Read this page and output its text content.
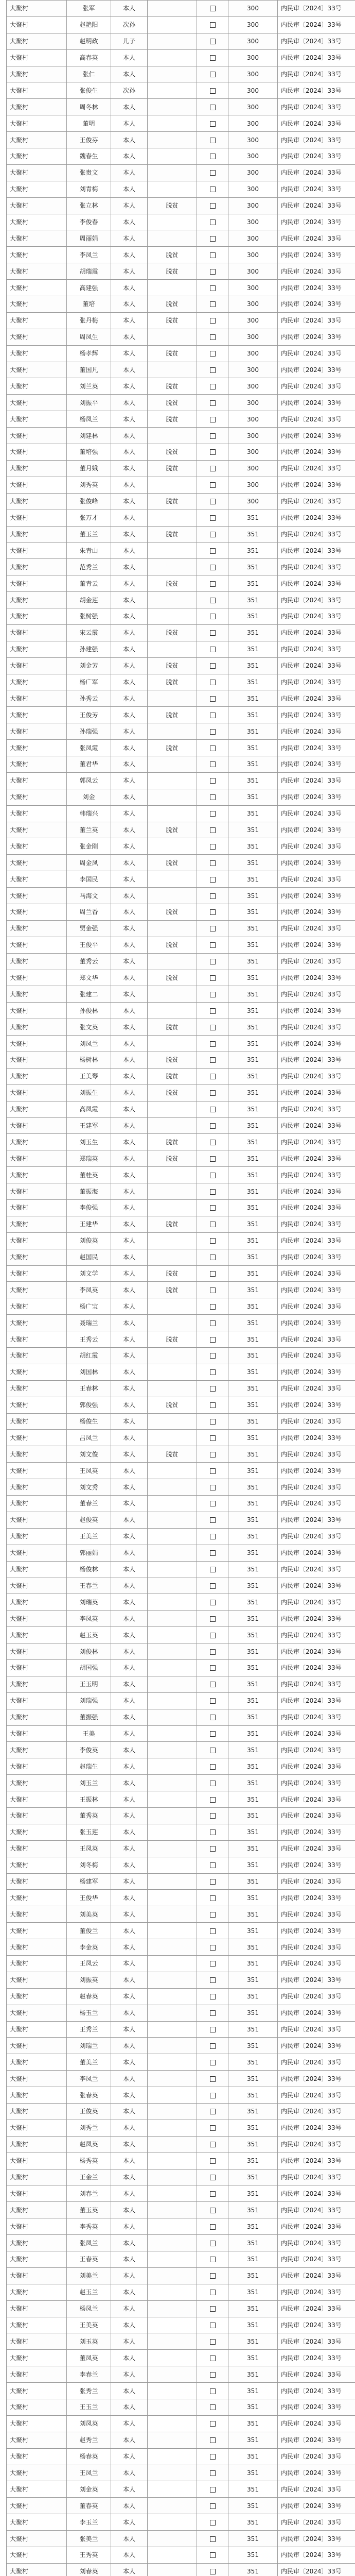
大聚村	张军	本人			300	内民审〔2024〕33号
大聚村	赵艳阳	次孙			300	内民审〔2024〕33号
大聚村	赵明政	儿子			300	内民审〔2024〕33号
大聚村	高春英	本人			300	内民审〔2024〕33号
大聚村	张仁	本人			300	内民审〔2024〕33号
大聚村	张俊生	次孙			300	内民审〔2024〕33号
大聚村	周冬林	本人			300	内民审〔2024〕33号
大聚村	董明	本人			300	内民审〔2024〕33号
大聚村	王俊芬	本人			300	内民审〔2024〕33号
大聚村	魏春生	本人			300	内民审〔2024〕33号
大聚村	张贵文	本人			300	内民审〔2024〕33号
大聚村	刘青梅	本人			300	内民审〔2024〕33号
大聚村	张立林	本人	脱贫		300	内民审〔2024〕33号
大聚村	李俊春	本人			300	内民审〔2024〕33号
大聚村	周丽娟	本人			300	内民审〔2024〕33号
大聚村	李凤兰	本人	脱贫		300	内民审〔2024〕33号
大聚村	胡瑞震	本人	脱贫		300	内民审〔2024〕33号
大聚村	高建强	本人			300	内民审〔2024〕33号
大聚村	董培	本人	脱贫		300	内民审〔2024〕33号
大聚村	张丹梅	本人	脱贫		300	内民审〔2024〕33号
大聚村	周凤生	本人			300	内民审〔2024〕33号
大聚村	杨孝辉	本人	脱贫		300	内民审〔2024〕33号
大聚村	董国凡	本人			300	内民审〔2024〕33号
大聚村	刘兰英	本人	脱贫		300	内民审〔2024〕33号
大聚村	刘振平	本人	脱贫		300	内民审〔2024〕33号
大聚村	杨凤兰	本人	脱贫		300	内民审〔2024〕33号
大聚村	刘建林	本人			300	内民审〔2024〕33号
大聚村	董培强	本人	脱贫		300	内民审〔2024〕33号
大聚村	董月娥	本人	脱贫		300	内民审〔2024〕33号
大聚村	刘秀英	本人			300	内民审〔2024〕33号
大聚村	张俊峰	本人	脱贫		300	内民审〔2024〕33号
大聚村	张万才	本人			351	内民审〔2024〕33号
大聚村	董玉兰	本人	脱贫		351	内民审〔2024〕33号
大聚村	朱青山	本人			351	内民审〔2024〕33号
大聚村	范秀兰	本人			351	内民审〔2024〕33号
大聚村	董青云	本人	脱贫		351	内民审〔2024〕33号
大聚村	胡金莲	本人			351	内民审〔2024〕33号
大聚村	张树强	本人			351	内民审〔2024〕33号
大聚村	宋云霞	本人	脱贫		351	内民审〔2024〕33号
大聚村	孙建强	本人			351	内民审〔2024〕33号
大聚村	刘金芳	本人	脱贫		351	内民审〔2024〕33号
大聚村	杨广军	本人	脱贫		351	内民审〔2024〕33号
大聚村	孙秀云	本人			351	内民审〔2024〕33号
大聚村	王俊芳	本人	脱贫		351	内民审〔2024〕33号
大聚村	孙瑞强	本人			351	内民审〔2024〕33号
大聚村	张凤霞	本人	脱贫		351	内民审〔2024〕33号
大聚村	董君华	本人			351	内民审〔2024〕33号
大聚村	郭凤云	本人			351	内民审〔2024〕33号
大聚村	刘金	本人			351	内民审〔2024〕33号
大聚村	韩瑞兴	本人			351	内民审〔2024〕33号
大聚村	董兰英	本人	脱贫		351	内民审〔2024〕33号
大聚村	张金刚	本人			351	内民审〔2024〕33号
大聚村	周金凤	本人	脱贫		351	内民审〔2024〕33号
大聚村	李国民	本人			351	内民审〔2024〕33号
大聚村	马海文	本人			351	内民审〔2024〕33号
大聚村	周兰香	本人	脱贫		351	内民审〔2024〕33号
大聚村	贾金强	本人			351	内民审〔2024〕33号
大聚村	王俊平	本人	脱贫		351	内民审〔2024〕33号
大聚村	董秀云	本人			351	内民审〔2024〕33号
大聚村	郑文华	本人	脱贫		351	内民审〔2024〕33号
大聚村	张建二	本人			351	内民审〔2024〕33号
大聚村	孙俊林	本人			351	内民审〔2024〕33号
大聚村	张文英	本人	脱贫		351	内民审〔2024〕33号
大聚村	刘凤兰	本人			351	内民审〔2024〕33号
大聚村	杨树林	本人	脱贫		351	内民审〔2024〕33号
大聚村	王美琴	本人	脱贫		351	内民审〔2024〕33号
大聚村	刘振生	本人	脱贫		351	内民审〔2024〕33号
大聚村	高凤霞	本人			351	内民审〔2024〕33号
大聚村	王建军	本人			351	内民审〔2024〕33号
大聚村	刘玉生	本人	脱贫		351	内民审〔2024〕33号
大聚村	郑瑞英	本人	脱贫		351	内民审〔2024〕33号
大聚村	董桂英	本人			351	内民审〔2024〕33号
大聚村	董振海	本人			351	内民审〔2024〕33号
大聚村	李俊强	本人			351	内民审〔2024〕33号
大聚村	王建华	本人	脱贫		351	内民审〔2024〕33号
大聚村	刘俊英	本人			351	内民审〔2024〕33号
大聚村	赵国民	本人			351	内民审〔2024〕33号
大聚村	刘文学	本人	脱贫		351	内民审〔2024〕33号
大聚村	李凤英	本人	脱贫		351	内民审〔2024〕33号
大聚村	杨广宝	本人			351	内民审〔2024〕33号
大聚村	聂瑞兰	本人			351	内民审〔2024〕33号
大聚村	王秀云	本人	脱贫		351	内民审〔2024〕33号
大聚村	胡红霞	本人			351	内民审〔2024〕33号
大聚村	刘国林	本人			351	内民审〔2024〕33号
大聚村	王春林	本人			351	内民审〔2024〕33号
大聚村	郭俊强	本人	脱贫		351	内民审〔2024〕33号
大聚村	杨俊生	本人			351	内民审〔2024〕33号
大聚村	吕凤兰	本人			351	内民审〔2024〕33号
大聚村	刘文俊	本人	脱贫		351	内民审〔2024〕33号
大聚村	王凤英	本人			351	内民审〔2024〕33号
大聚村	刘文秀	本人			351	内民审〔2024〕33号
大聚村	董春兰	本人			351	内民审〔2024〕33号
大聚村	赵俊英	本人			351	内民审〔2024〕33号
大聚村	王美兰	本人			351	内民审〔2024〕33号
大聚村	郭丽娟	本人			351	内民审〔2024〕33号
大聚村	杨俊林	本人			351	内民审〔2024〕33号
大聚村	王春兰	本人			351	内民审〔2024〕33号
大聚村	刘瑞英	本人			351	内民审〔2024〕33号
大聚村	李凤英	本人			351	内民审〔2024〕33号
大聚村	赵玉英	本人			351	内民审〔2024〕33号
大聚村	刘俊林	本人			351	内民审〔2024〕33号
大聚村	胡国强	本人			351	内民审〔2024〕33号
大聚村	王玉明	本人			351	内民审〔2024〕33号
大聚村	刘瑞强	本人			351	内民审〔2024〕33号
大聚村	董振强	本人			351	内民审〔2024〕33号
大聚村	王美	本人			351	内民审〔2024〕33号
大聚村	李俊英	本人			351	内民审〔2024〕33号
大聚村	赵瑞生	本人			351	内民审〔2024〕33号
大聚村	刘玉兰	本人			351	内民审〔2024〕33号
大聚村	王振林	本人			351	内民审〔2024〕33号
大聚村	董秀英	本人			351	内民审〔2024〕33号
大聚村	张玉莲	本人			351	内民审〔2024〕33号
大聚村	王凤英	本人			351	内民审〔2024〕33号
大聚村	刘冬梅	本人			351	内民审〔2024〕33号
大聚村	杨建军	本人			351	内民审〔2024〕33号
大聚村	王俊华	本人			351	内民审〔2024〕33号
大聚村	刘美英	本人			351	内民审〔2024〕33号
大聚村	董俊兰	本人			351	内民审〔2024〕33号
大聚村	李金英	本人			351	内民审〔2024〕33号
大聚村	王凤云	本人			351	内民审〔2024〕33号
大聚村	刘振英	本人			351	内民审〔2024〕33号
大聚村	赵春英	本人			351	内民审〔2024〕33号
大聚村	杨玉兰	本人			351	内民审〔2024〕33号
大聚村	王秀兰	本人			351	内民审〔2024〕33号
大聚村	刘瑞兰	本人			351	内民审〔2024〕33号
大聚村	董美兰	本人			351	内民审〔2024〕33号
大聚村	李凤兰	本人			351	内民审〔2024〕33号
大聚村	张春英	本人			351	内民审〔2024〕33号
大聚村	王俊英	本人			351	内民审〔2024〕33号
大聚村	刘秀兰	本人			351	内民审〔2024〕33号
大聚村	赵凤英	本人			351	内民审〔2024〕33号
大聚村	杨秀英	本人			351	内民审〔2024〕33号
大聚村	王金兰	本人			351	内民审〔2024〕33号
大聚村	刘春兰	本人			351	内民审〔2024〕33号
大聚村	董玉英	本人			351	内民审〔2024〕33号
大聚村	李秀英	本人			351	内民审〔2024〕33号
大聚村	张凤兰	本人			351	内民审〔2024〕33号
大聚村	王春英	本人			351	内民审〔2024〕33号
大聚村	刘美兰	本人			351	内民审〔2024〕33号
大聚村	赵玉兰	本人			351	内民审〔2024〕33号
大聚村	杨凤兰	本人			351	内民审〔2024〕33号
大聚村	王美英	本人			351	内民审〔2024〕33号
大聚村	刘玉英	本人			351	内民审〔2024〕33号
大聚村	董凤英	本人			351	内民审〔2024〕33号
大聚村	李春兰	本人			351	内民审〔2024〕33号
大聚村	张秀兰	本人			351	内民审〔2024〕33号
大聚村	王玉兰	本人			351	内民审〔2024〕33号
大聚村	刘凤英	本人			351	内民审〔2024〕33号
大聚村	赵秀兰	本人			351	内民审〔2024〕33号
大聚村	杨春英	本人			351	内民审〔2024〕33号
大聚村	王凤兰	本人			351	内民审〔2024〕33号
大聚村	刘金英	本人			351	内民审〔2024〕33号
大聚村	董春英	本人			351	内民审〔2024〕33号
大聚村	李玉兰	本人			351	内民审〔2024〕33号
大聚村	张美兰	本人			351	内民审〔2024〕33号
大聚村	王秀英	本人			351	内民审〔2024〕33号
大聚村	刘春英	本人			351	内民审〔2024〕33号
